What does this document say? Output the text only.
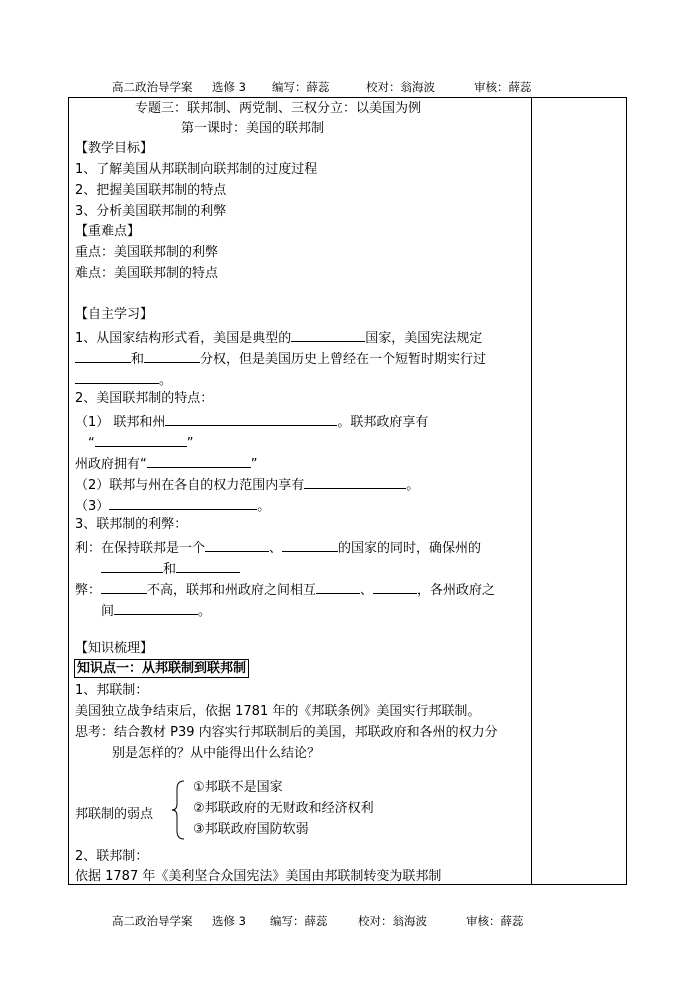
高二政治导学案 选修 3 编写：薛蕊	校对：翁海波	审核：薛蕊
专题三：联邦制、两党制、三权分立：以美国为例
第一课时：美国的联邦制
【教学目标】
1、了解美国从邦联制向联邦制的过度过程
2、把握美国联邦制的特点
3、分析美国联邦制的利弊
【重难点】
重点：美国联邦制的利弊
难点：美国联邦制的特点
【自主学习】
1、从国家结构形式看，美国是典型的	国家，美国宪法规定
和	分权，但是美国历史上曾经在一个短暂时期实行过
。
2、美国联邦制的特点：
（1） 联邦和州	。联邦政府享有
“	”
州政府拥有“	”
（2）联邦与州在各自的权力范围内享有	。
（3）	。
3、联邦制的利弊：
利：在保持联邦是一个	、	的国家的同时，确保州的
和
弊：	不高，联邦和州政府之间相互	、	，各州政府之
间	。
【知识梳理】
知识点一：从邦联制到联邦制
1、邦联制：
美国独立战争结束后，依据 1781 年的《邦联条例》美国实行邦联制。
思考：结合教材 P39 内容实行邦联制后的美国，邦联政府和各州的权力分
别是怎样的？从中能得出什么结论？
邦联制的弱点
①邦联不是国家
②邦联政府的无财政和经济权利
③邦联政府国防软弱
2、联邦制：
依据 1787 年《美利坚合众国宪法》美国由邦联制转变为联邦制
高二政治导学案 选修 3 编写：薛蕊	校对：翁海波	审核：薛蕊
